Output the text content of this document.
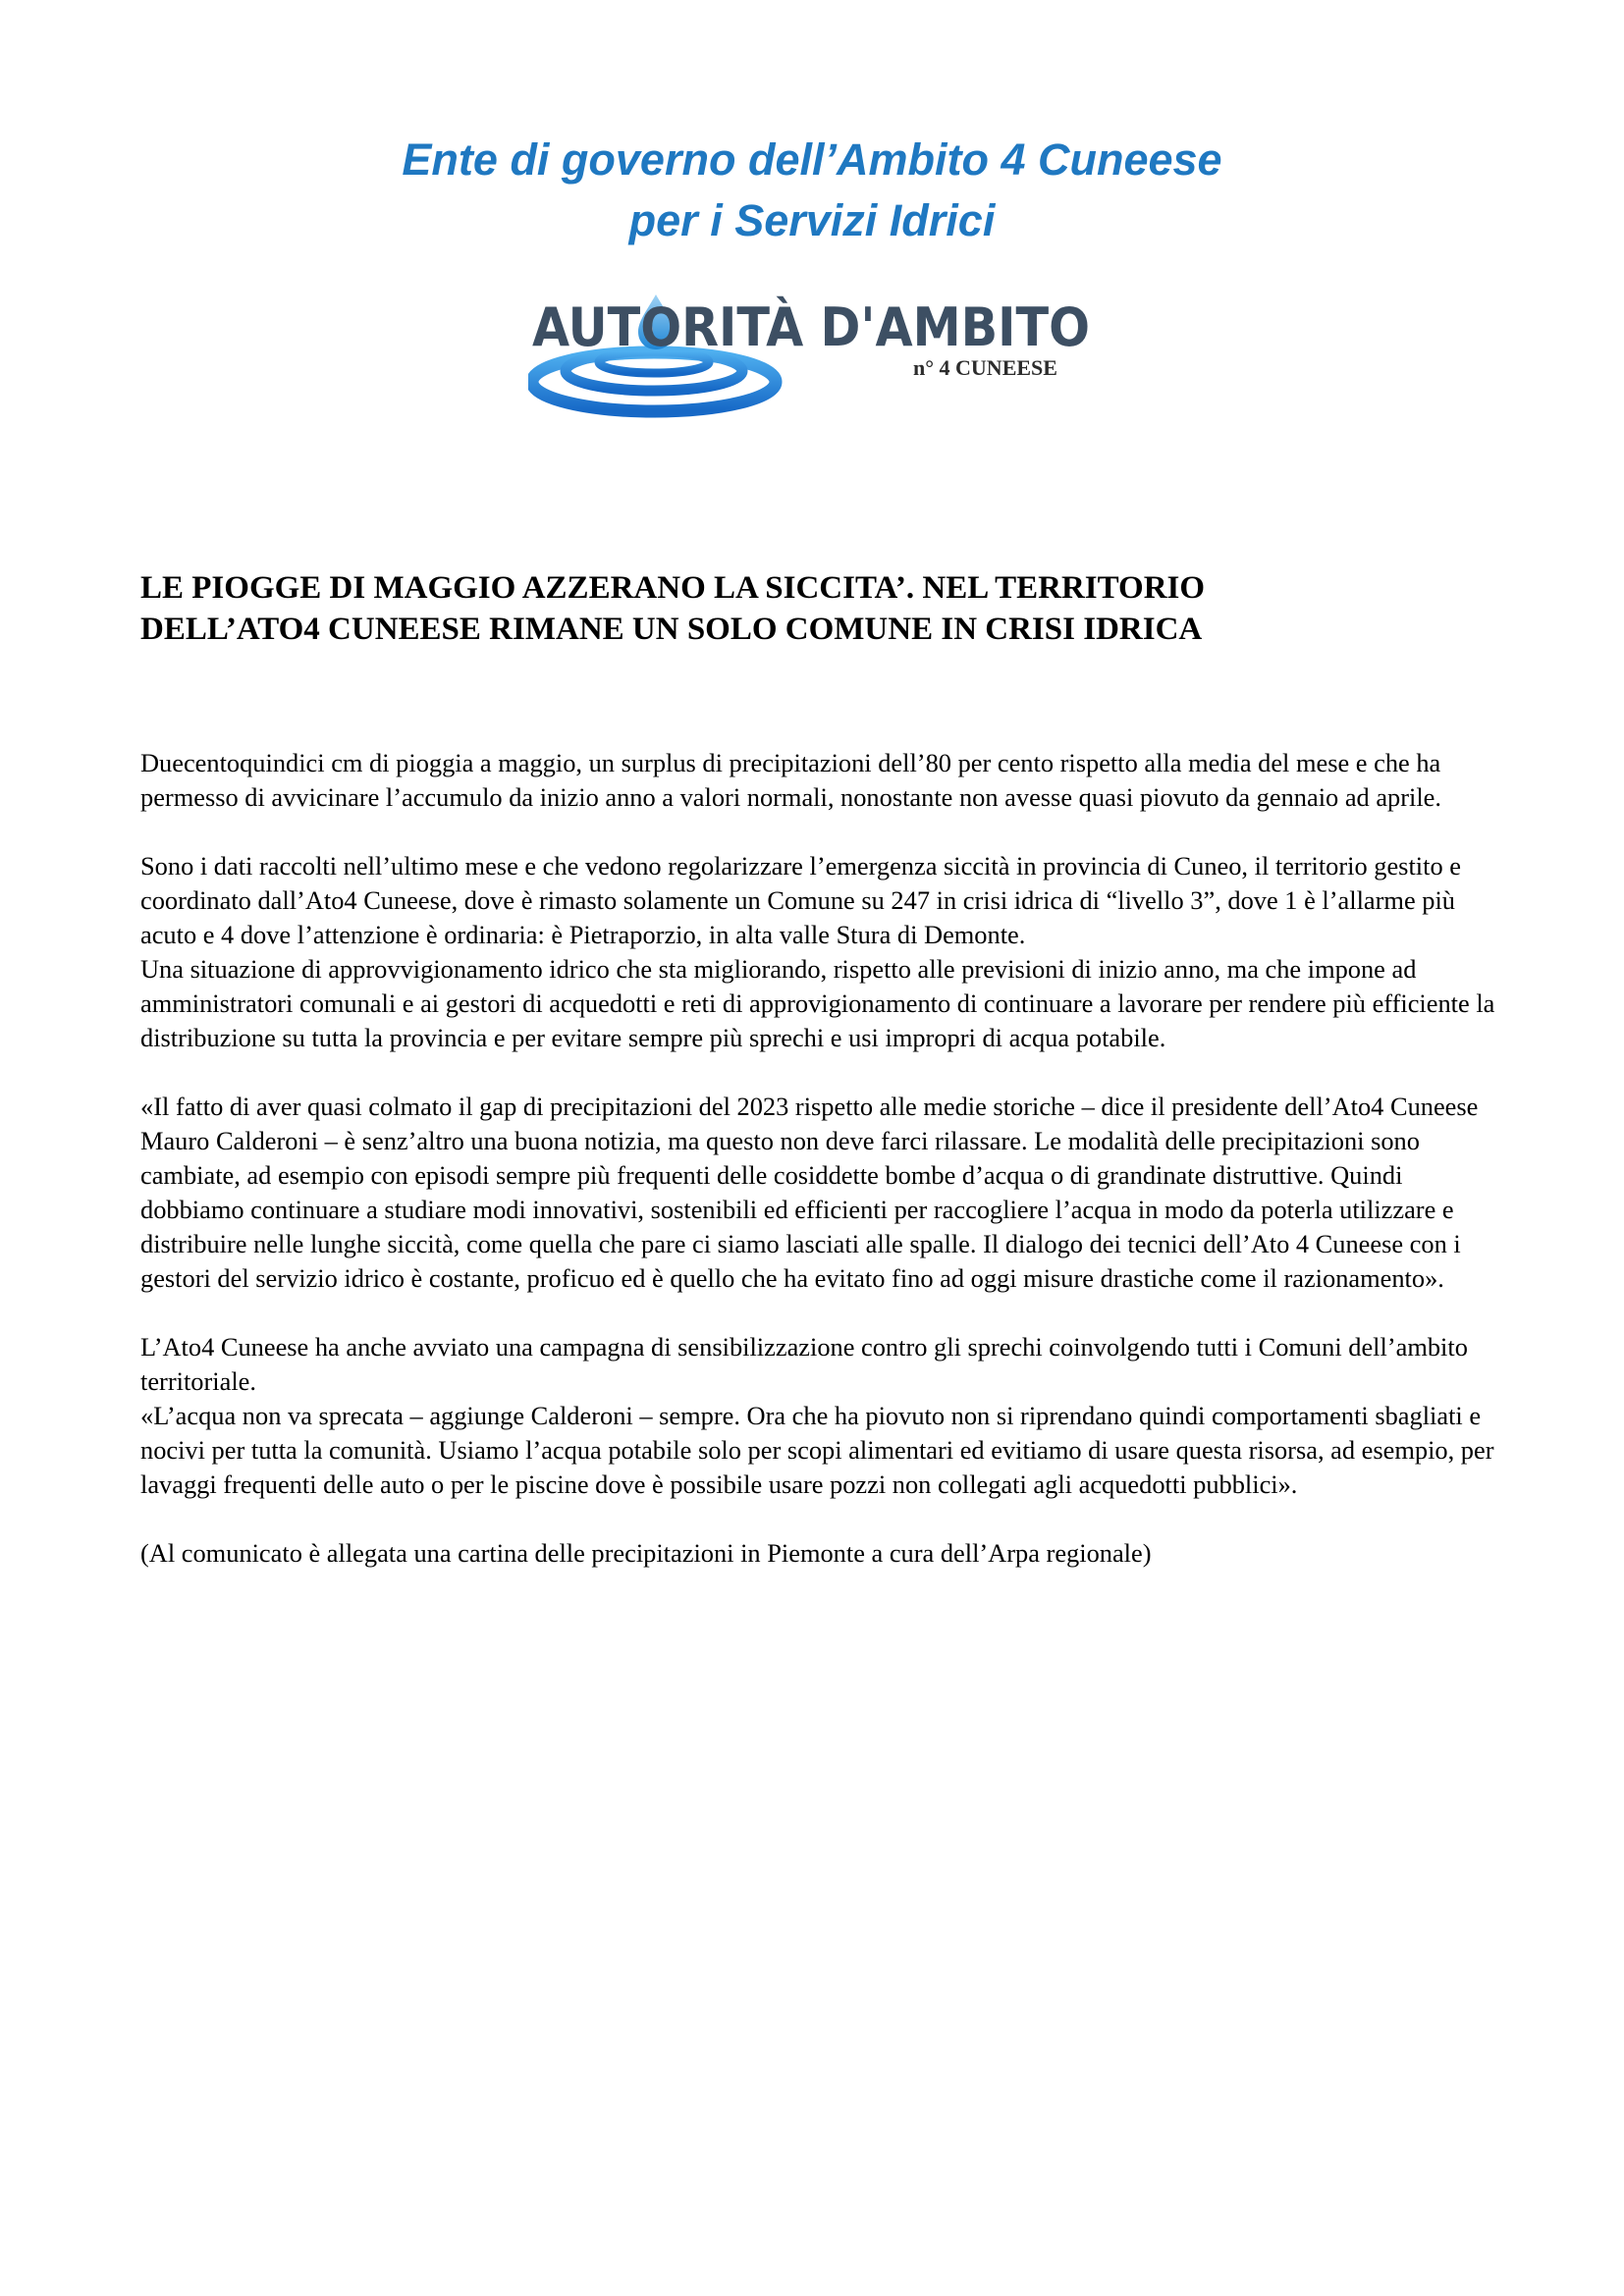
Ente di governo dell’Ambito 4 Cuneese
per i Servizi Idrici
AUTORITÀ D'AMBITO
n° 4 CUNEESE
LE PIOGGE DI MAGGIO AZZERANO LA SICCITA’. NEL TERRITORIO
DELL’ATO4 CUNEESE RIMANE UN SOLO COMUNE IN CRISI IDRICA

Duecentoquindici cm di pioggia a maggio, un surplus di precipitazioni dell’80 per cento rispetto alla media del mese e che ha permesso di avvicinare l’accumulo da inizio anno a valori normali, nonostante non avesse quasi piovuto da gennaio ad aprile.

Sono i dati raccolti nell’ultimo mese e che vedono regolarizzare l’emergenza siccità in provincia di Cuneo, il territorio gestito e coordinato dall’Ato4 Cuneese, dove è rimasto solamente un Comune su 247 in crisi idrica di “livello 3”, dove 1 è l’allarme più acuto e 4 dove l’attenzione è ordinaria: è Pietraporzio, in alta valle Stura di Demonte.

Una situazione di approvvigionamento idrico che sta migliorando, rispetto alle previsioni di inizio anno, ma che impone ad amministratori comunali e ai gestori di acquedotti e reti di approvigionamento di continuare a lavorare per rendere più efficiente la distribuzione su tutta la provincia e per evitare sempre più sprechi e usi impropri di acqua potabile.

«Il fatto di aver quasi colmato il gap di precipitazioni del 2023 rispetto alle medie storiche – dice il presidente dell’Ato4 Cuneese Mauro Calderoni – è senz’altro una buona notizia, ma questo non deve farci rilassare. Le modalità delle precipitazioni sono cambiate, ad esempio con episodi sempre più frequenti delle cosiddette bombe d’acqua o di grandinate distruttive. Quindi dobbiamo continuare a studiare modi innovativi, sostenibili ed efficienti per raccogliere l’acqua in modo da poterla utilizzare e distribuire nelle lunghe siccità, come quella che pare ci siamo lasciati alle spalle. Il dialogo dei tecnici dell’Ato 4 Cuneese con i gestori del servizio idrico è costante, proficuo ed è quello che ha evitato fino ad oggi misure drastiche come il razionamento».

L’Ato4 Cuneese ha anche avviato una campagna di sensibilizzazione contro gli sprechi coinvolgendo tutti i Comuni dell’ambito territoriale.

«L’acqua non va sprecata – aggiunge Calderoni – sempre. Ora che ha piovuto non si riprendano quindi comportamenti sbagliati e nocivi per tutta la comunità. Usiamo l’acqua potabile solo per scopi alimentari ed evitiamo di usare questa risorsa, ad esempio, per lavaggi frequenti delle auto o per le piscine dove è possibile usare pozzi non collegati agli acquedotti pubblici».

(Al comunicato è allegata una cartina delle precipitazioni in Piemonte a cura dell’Arpa regionale)
